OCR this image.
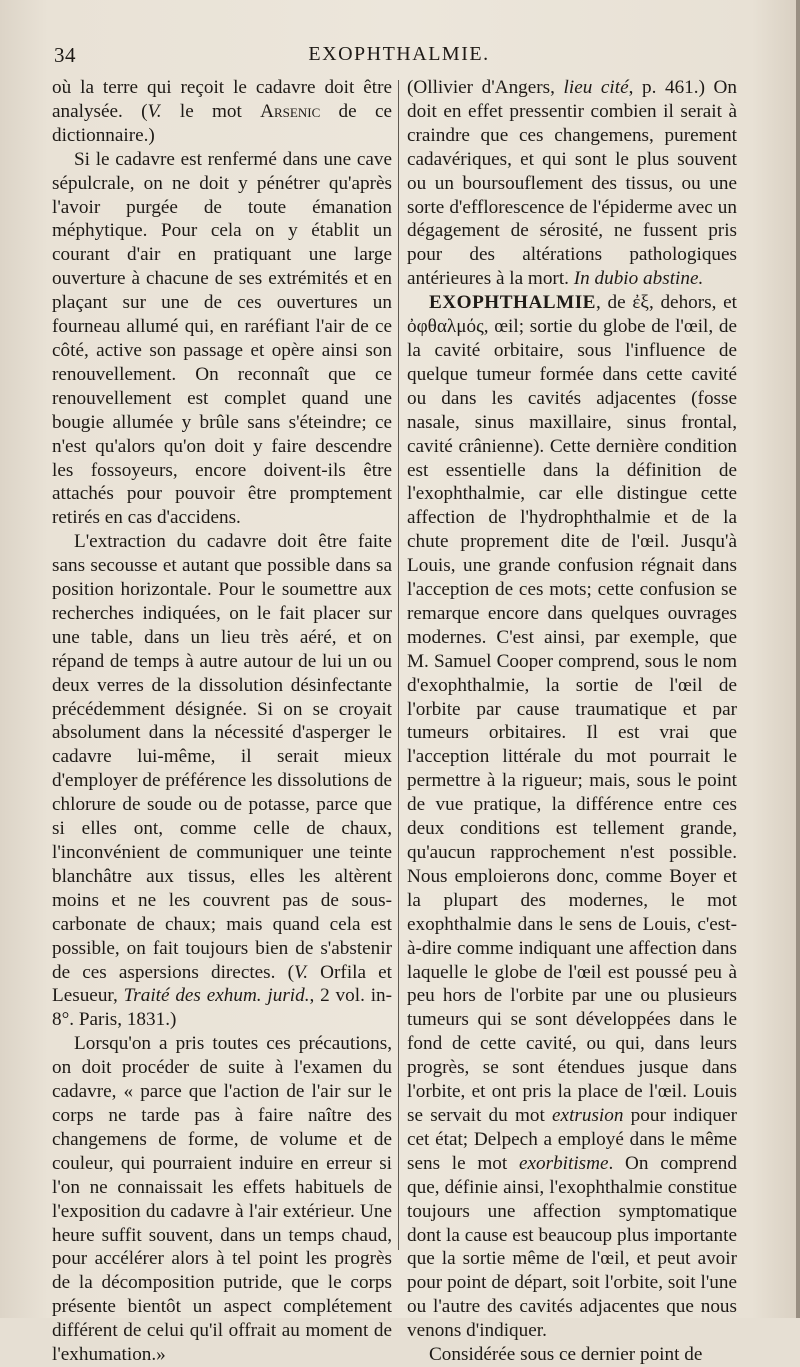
34	EXOPHTHALMIE.

où la terre qui reçoit le cadavre doit être analysée. (V. le mot Arsenic de ce dictionnaire.)

Si le cadavre est renfermé dans une cave sépulcrale, on ne doit y pénétrer qu'après l'avoir purgée de toute émanation méphytique. Pour cela on y établit un courant d'air en pratiquant une large ouverture à chacune de ses extrémités et en plaçant sur une de ces ouvertures un fourneau allumé qui, en raréfiant l'air de ce côté, active son passage et opère ainsi son renouvellement. On reconnaît que ce renouvellement est complet quand une bougie allumée y brûle sans s'éteindre; ce n'est qu'alors qu'on doit y faire descendre les fossoyeurs, encore doivent-ils être attachés pour pouvoir être promptement retirés en cas d'accidens.

L'extraction du cadavre doit être faite sans secousse et autant que possible dans sa position horizontale. Pour le soumettre aux recherches indiquées, on le fait placer sur une table, dans un lieu très aéré, et on répand de temps à autre autour de lui un ou deux verres de la dissolution désinfectante précédemment désignée. Si on se croyait absolument dans la nécessité d'asperger le cadavre lui-même, il serait mieux d'employer de préférence les dissolutions de chlorure de soude ou de potasse, parce que si elles ont, comme celle de chaux, l'inconvénient de communiquer une teinte blanchâtre aux tissus, elles les altèrent moins et ne les couvrent pas de sous-carbonate de chaux; mais quand cela est possible, on fait toujours bien de s'abstenir de ces aspersions directes. (V. Orfila et Lesueur, Traité des exhum. jurid., 2 vol. in-8°. Paris, 1831.)

Lorsqu'on a pris toutes ces précautions, on doit procéder de suite à l'examen du cadavre, « parce que l'action de l'air sur le corps ne tarde pas à faire naître des changemens de forme, de volume et de couleur, qui pourraient induire en erreur si l'on ne connaissait les effets habituels de l'exposition du cadavre à l'air extérieur. Une heure suffit souvent, dans un temps chaud, pour accélérer alors à tel point les progrès de la décomposition putride, que le corps présente bientôt un aspect complétement différent de celui qu'il offrait au moment de l'exhumation.»

(Ollivier d'Angers, lieu cité, p. 461.) On doit en effet pressentir combien il serait à craindre que ces changemens, purement cadavériques, et qui sont le plus souvent ou un boursouflement des tissus, ou une sorte d'efflorescence de l'épiderme avec un dégagement de sérosité, ne fussent pris pour des altérations pathologiques antérieures à la mort. In dubio abstine.

EXOPHTHALMIE, de ἐξ, dehors, et ὀφθαλμός, œil; sortie du globe de l'œil, de la cavité orbitaire, sous l'influence de quelque tumeur formée dans cette cavité ou dans les cavités adjacentes (fosse nasale, sinus maxillaire, sinus frontal, cavité crânienne). Cette dernière condition est essentielle dans la définition de l'exophthalmie, car elle distingue cette affection de l'hydrophthalmie et de la chute proprement dite de l'œil. Jusqu'à Louis, une grande confusion régnait dans l'acception de ces mots; cette confusion se remarque encore dans quelques ouvrages modernes. C'est ainsi, par exemple, que M. Samuel Cooper comprend, sous le nom d'exophthalmie, la sortie de l'œil de l'orbite par cause traumatique et par tumeurs orbitaires. Il est vrai que l'acception littérale du mot pourrait le permettre à la rigueur; mais, sous le point de vue pratique, la différence entre ces deux conditions est tellement grande, qu'aucun rapprochement n'est possible. Nous emploierons donc, comme Boyer et la plupart des modernes, le mot exophthalmie dans le sens de Louis, c'est-à-dire comme indiquant une affection dans laquelle le globe de l'œil est poussé peu à peu hors de l'orbite par une ou plusieurs tumeurs qui se sont développées dans le fond de cette cavité, ou qui, dans leurs progrès, se sont étendues jusque dans l'orbite, et ont pris la place de l'œil. Louis se servait du mot extrusion pour indiquer cet état; Delpech a employé dans le même sens le mot exorbitisme. On comprend que, définie ainsi, l'exophthalmie constitue toujours une affection symptomatique dont la cause est beaucoup plus importante que la sortie même de l'œil, et peut avoir pour point de départ, soit l'orbite, soit l'une ou l'autre des cavités adjacentes que nous venons d'indiquer.

Considérée sous ce dernier point de
